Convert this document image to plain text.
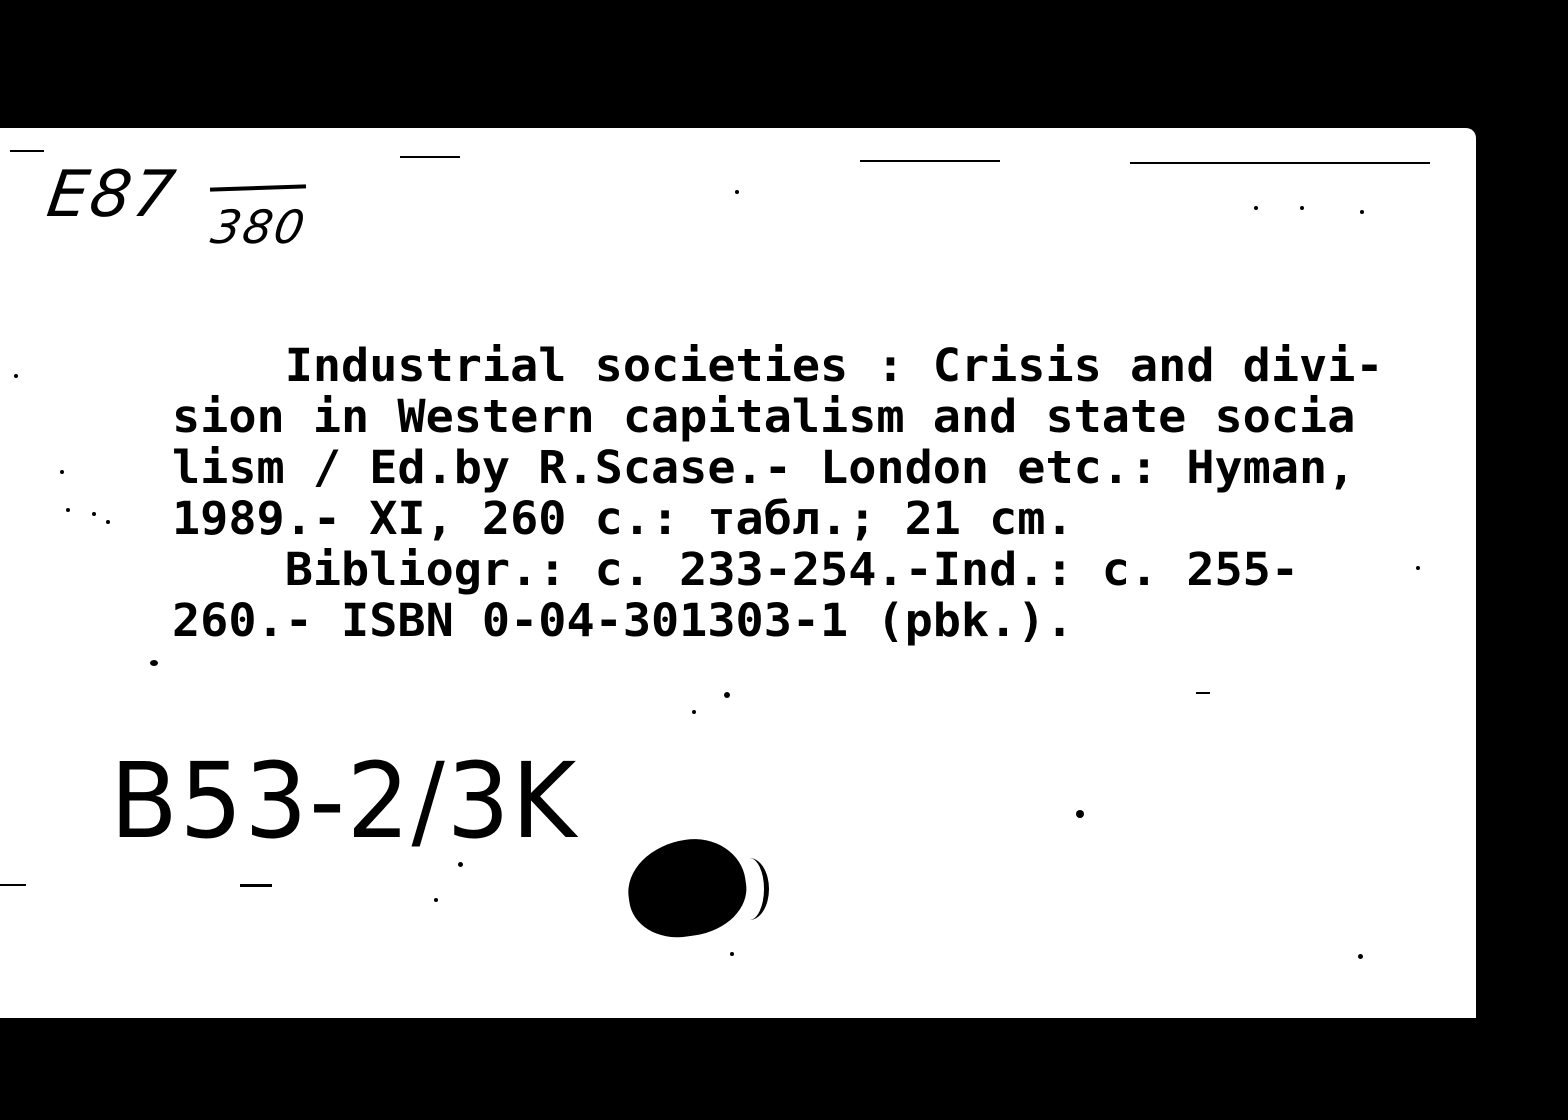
E87 380
Industrial societies : Crisis and divi-
sion in Western capitalism and state socia
lism / Ed.by R.Scase.- London etc.: Hyman,
1989.- XI, 260 c.: табл.; 21 cm.
Bibliogr.: c. 233-254.-Ind.: c. 255-
260.- ISBN 0-04-301303-1 (pbk.).
B53-2/3K
